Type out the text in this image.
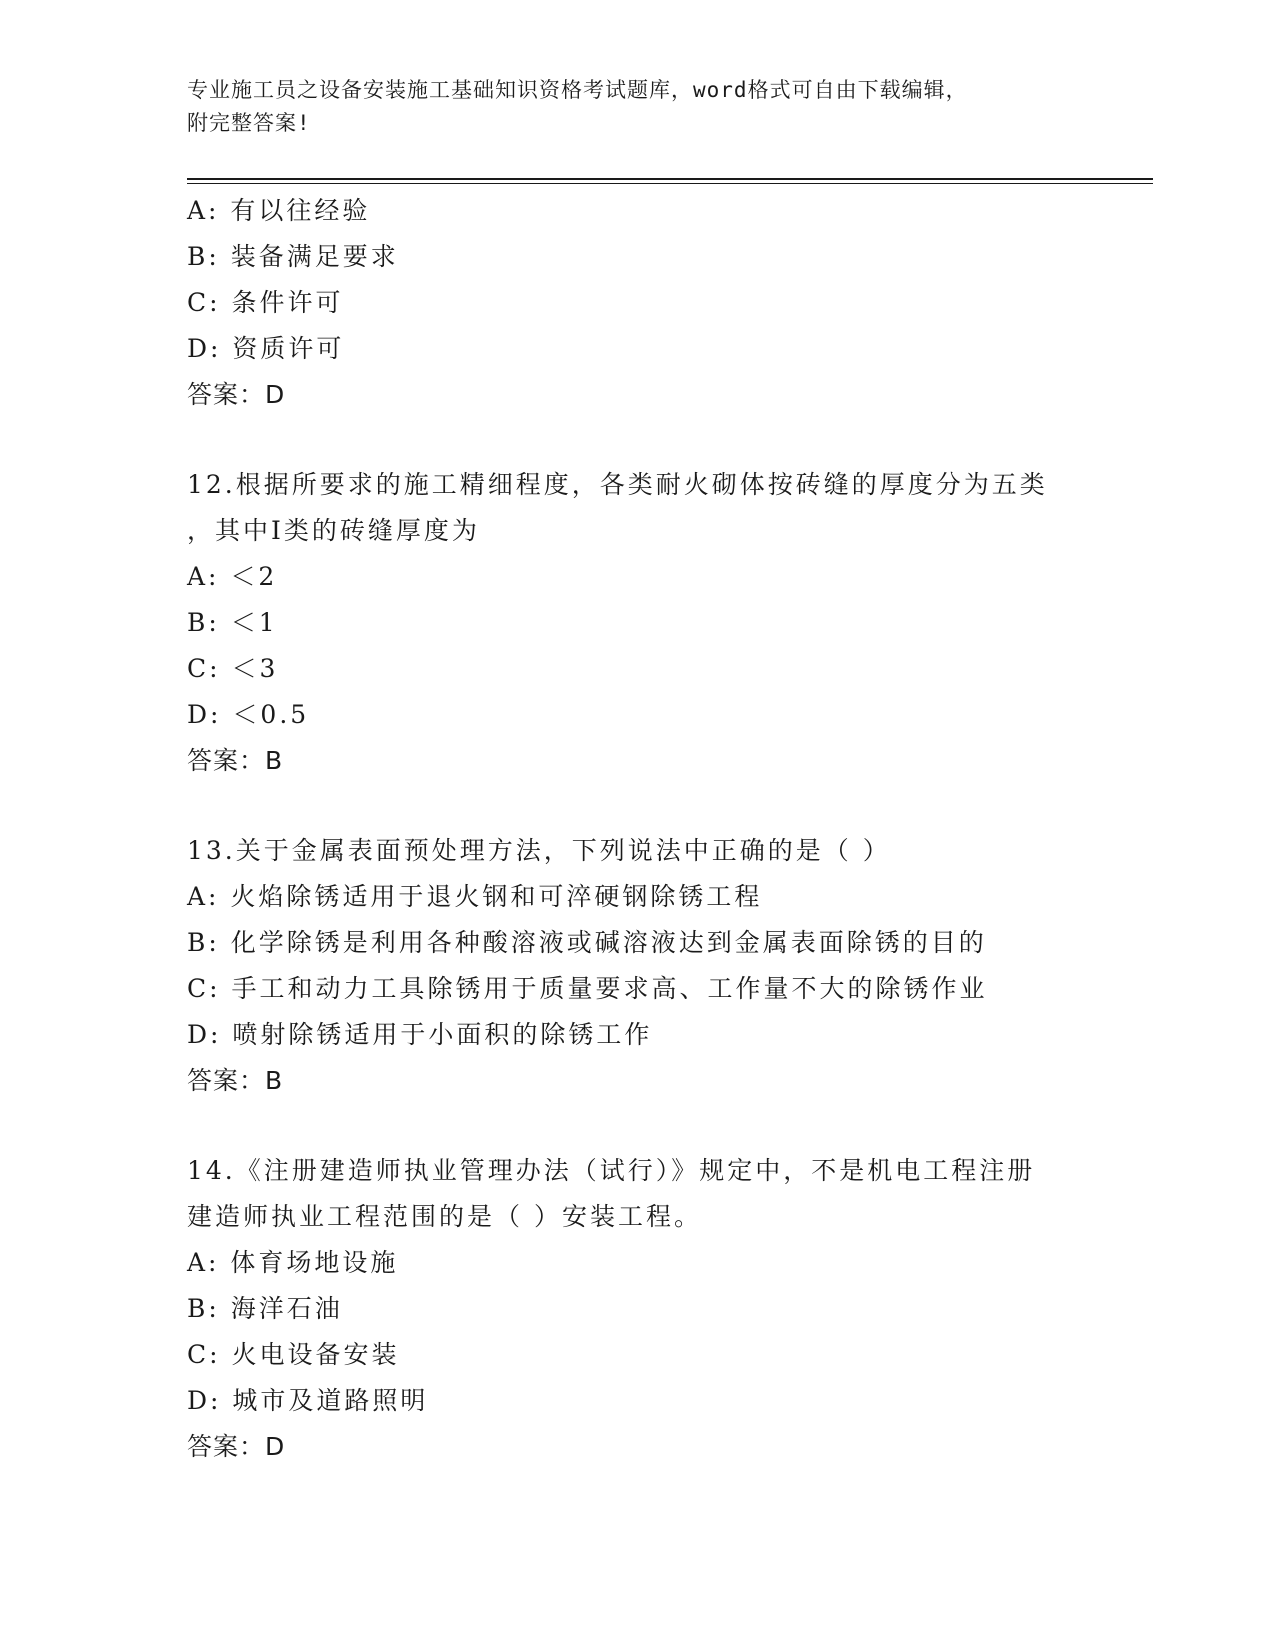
专业施工员之设备安装施工基础知识资格考试题库，word格式可自由下载编辑，
附完整答案!
A: 有以往经验
B: 装备满足要求
C: 条件许可
D: 资质许可
答案：D
12.根据所要求的施工精细程度，各类耐火砌体按砖缝的厚度分为五类
，其中Ⅰ类的砖缝厚度为
A: ＜2
B: ＜1
C: ＜3
D: ＜0.5
答案：B
13.关于金属表面预处理方法，下列说法中正确的是（ ）
A: 火焰除锈适用于退火钢和可淬硬钢除锈工程
B: 化学除锈是利用各种酸溶液或碱溶液达到金属表面除锈的目的
C: 手工和动力工具除锈用于质量要求高、工作量不大的除锈作业
D: 喷射除锈适用于小面积的除锈工作
答案：B
14.《注册建造师执业管理办法（试行）》规定中，不是机电工程注册
建造师执业工程范围的是（ ）安装工程。
A: 体育场地设施
B: 海洋石油
C: 火电设备安装
D: 城市及道路照明
答案：D
